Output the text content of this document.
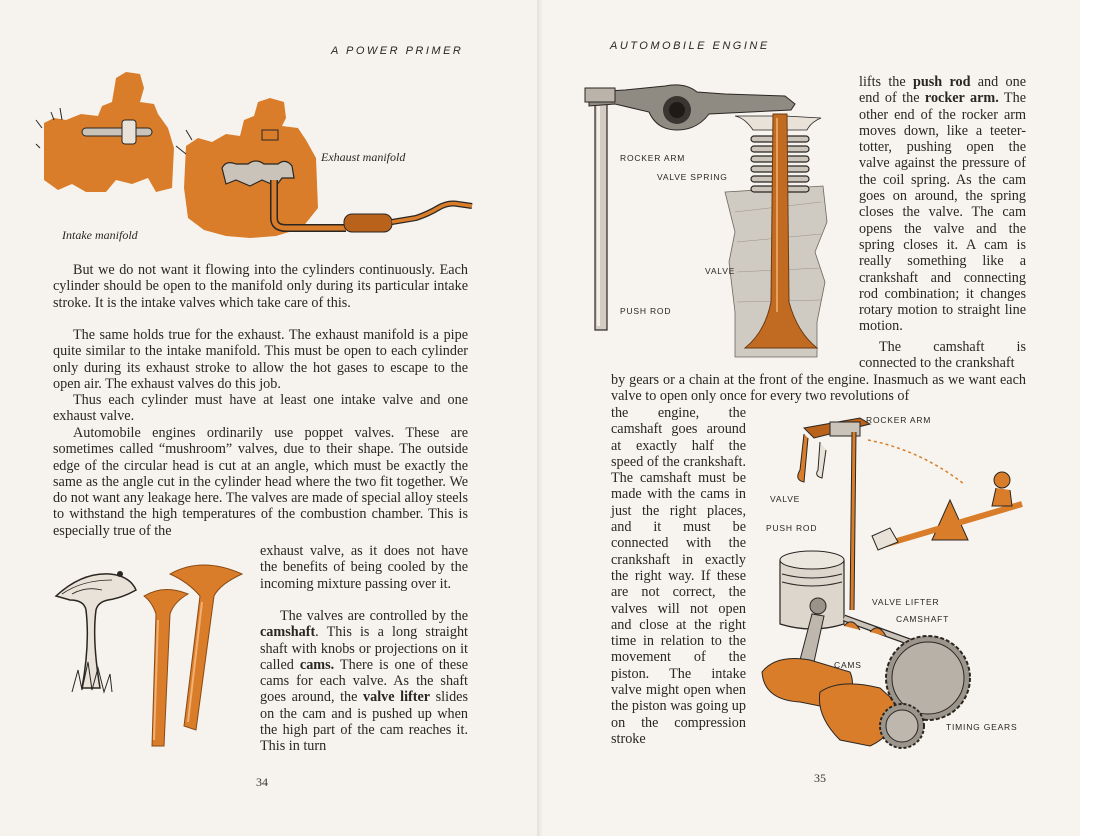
A POWER PRIMER
Exhaust manifold
Intake manifold

But we do not want it flowing into the cylinders continuously. Each cylinder should be open to the manifold only during its particular intake stroke. It is the intake valves which take care of this.

The same holds true for the exhaust. The exhaust manifold is a pipe quite similar to the intake manifold. This must be open to each cylinder only during its exhaust stroke to allow the hot gases to escape to the open air. The exhaust valves do this job.

Thus each cylinder must have at least one intake valve and one exhaust valve.

Automobile engines ordinarily use poppet valves. These are sometimes called “mushroom” valves, due to their shape. The outside edge of the circular head is cut at an angle, which must be exactly the same as the angle cut in the cylinder head where the two fit together. We do not want any leakage here. The valves are made of special alloy steels to withstand the high temperatures of the combustion chamber. This is especially true of the

exhaust valve, as it does not have the benefits of being cooled by the incoming mixture passing over it.

The valves are controlled by the camshaft. This is a long straight shaft with knobs or projections on it called cams. There is one of these cams for each valve. As the shaft goes around, the valve lifter slides on the cam and is pushed up when the high part of the cam reaches it. This in turn

34
AUTOMOBILE ENGINE
ROCKER ARM
VALVE SPRING
VALVE
PUSH ROD

lifts the push rod and one end of the rocker arm. The other end of the rocker arm moves down, like a teeter-totter, pushing open the valve against the pressure of the coil spring. As the cam goes on around, the spring closes the valve. The cam opens the valve and the spring closes it. A cam is really something like a crankshaft and connecting rod combination; it changes rotary motion to straight line motion.

The camshaft is connected to the crankshaft

by gears or a chain at the front of the engine. Inasmuch as we want each valve to open only once for every two revolutions of

the engine, the camshaft goes around at exactly half the speed of the crankshaft. The camshaft must be made with the cams in just the right places, and it must be connected with the crankshaft in exactly the right way. If these are not correct, the valves will not open and close at the right time in relation to the movement of the piston. The intake valve might open when the piston was going up on the compression stroke

ROCKER ARM
VALVE
PUSH ROD
VALVE LIFTER
CAMSHAFT
CAMS
TIMING GEARS
35
